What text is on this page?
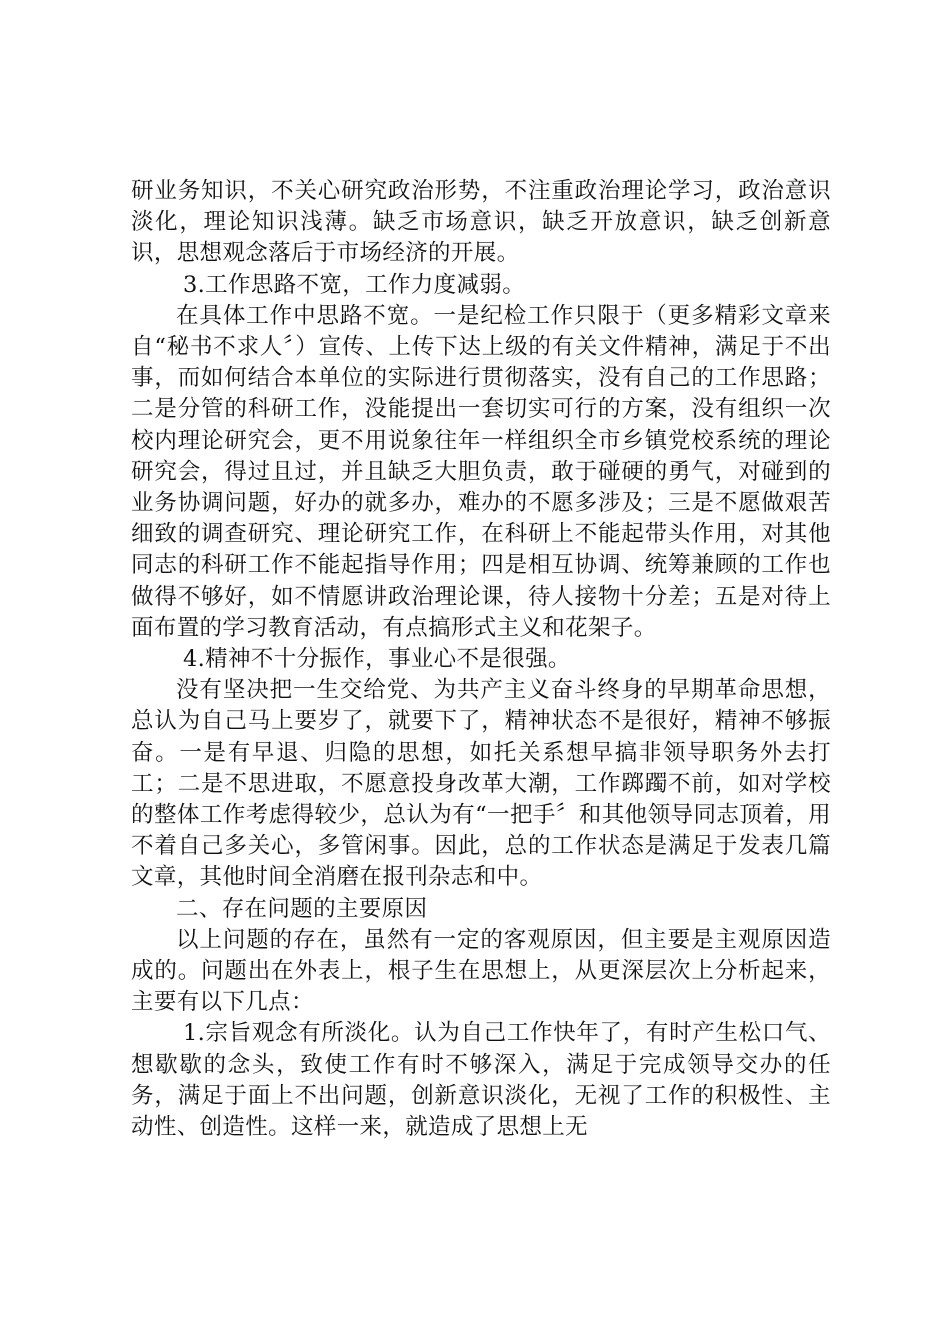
研业务知识，不关心研究政治形势，不注重政治理论学习，政治意识淡化，理论知识浅薄。缺乏市场意识，缺乏开放意识，缺乏创新意识，思想观念落后于市场经济的开展。

3.工作思路不宽，工作力度减弱。

在具体工作中思路不宽。一是纪检工作只限于（更多精彩文章来自“秘书不求人〞）宣传、上传下达上级的有关文件精神，满足于不出事，而如何结合本单位的实际进行贯彻落实，没有自己的工作思路；二是分管的科研工作，没能提出一套切实可行的方案，没有组织一次校内理论研究会，更不用说象往年一样组织全市乡镇党校系统的理论研究会，得过且过，并且缺乏大胆负责，敢于碰硬的勇气，对碰到的业务协调问题，好办的就多办，难办的不愿多涉及；三是不愿做艰苦细致的调查研究、理论研究工作，在科研上不能起带头作用，对其他同志的科研工作不能起指导作用；四是相互协调、统筹兼顾的工作也做得不够好，如不情愿讲政治理论课，待人接物十分差；五是对待上面布置的学习教育活动，有点搞形式主义和花架子。

4.精神不十分振作，事业心不是很强。

没有坚决把一生交给党、为共产主义奋斗终身的早期革命思想，总认为自己马上要岁了，就要下了，精神状态不是很好，精神不够振奋。一是有早退、归隐的思想，如托关系想早搞非领导职务外去打工；二是不思进取，不愿意投身改革大潮，工作踯躅不前，如对学校的整体工作考虑得较少，总认为有“一把手〞和其他领导同志顶着，用不着自己多关心，多管闲事。因此，总的工作状态是满足于发表几篇文章，其他时间全消磨在报刊杂志和中。

二、存在问题的主要原因

以上问题的存在，虽然有一定的客观原因，但主要是主观原因造成的。问题出在外表上，根子生在思想上，从更深层次上分析起来，主要有以下几点：

1.宗旨观念有所淡化。认为自己工作快年了，有时产生松口气、想歇歇的念头，致使工作有时不够深入，满足于完成领导交办的任务，满足于面上不出问题，创新意识淡化，无视了工作的积极性、主动性、创造性。这样一来，就造成了思想上无
